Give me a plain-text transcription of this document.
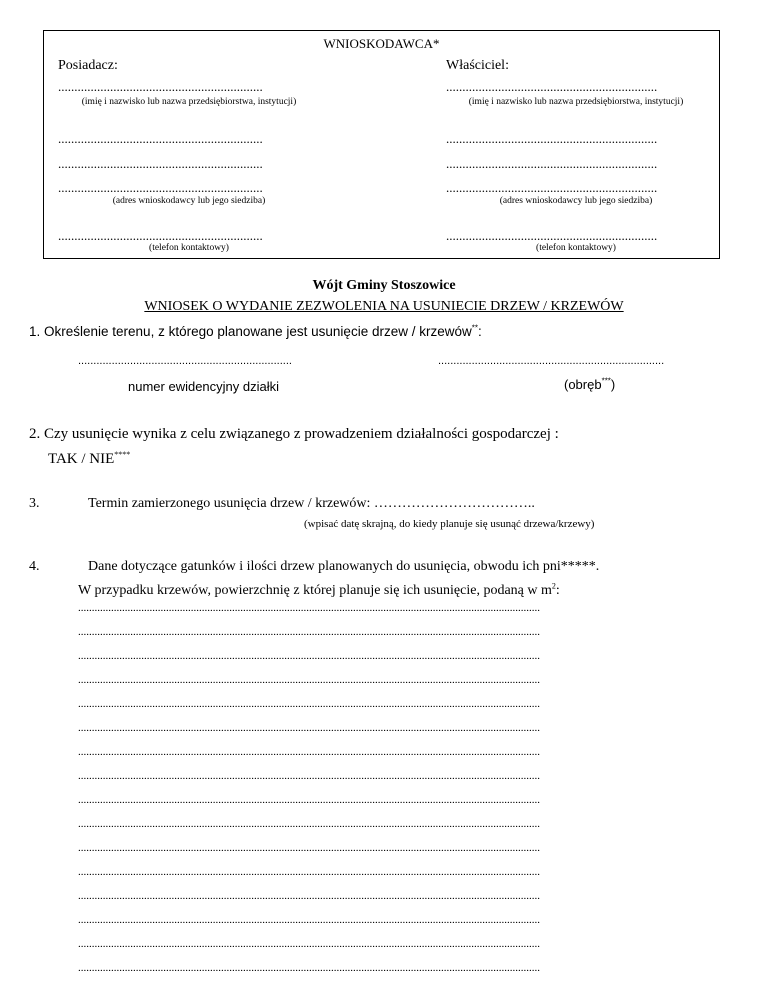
WNIOSKODAWCA*
Posiadacz:
...............................................................
(imię i nazwisko lub nazwa przedsiębiorstwa, instytucji)
...............................................................
...............................................................
...............................................................
(adres wnioskodawcy lub jego siedziba)
...............................................................
(telefon kontaktowy)
Właściciel:
.................................................................
(imię i nazwisko lub nazwa przedsiębiorstwa, instytucji)
.................................................................
.................................................................
.................................................................
(adres wnioskodawcy lub jego siedziba)
.................................................................
(telefon kontaktowy)
Wójt Gminy Stoszowice
WNIOSEK O WYDANIE ZEZWOLENIA NA USUNIECIE DRZEW / KRZEWÓW
1. Określenie terenu, z którego planowane jest usunięcie drzew / krzewów**:
......................................................................	..........................................................................
numer ewidencyjny działki	(obręb***)
2. Czy usunięcie wynika z celu związanego z prowadzeniem działalności gospodarczej :
TAK / NIE****
3.	Termin zamierzonego usunięcia drzew / krzewów: ……………………………..
(wpisać datę skrajną, do kiedy planuje się usunąć drzewa/krzewy)
4.	Dane dotyczące gatunków i ilości drzew planowanych do usunięcia, obwodu ich pni*****.
W przypadku krzewów, powierzchnię z której planuje się ich usunięcie, podaną w $m^2$:
........................................................................................................................................................................
........................................................................................................................................................................
........................................................................................................................................................................
........................................................................................................................................................................
........................................................................................................................................................................
........................................................................................................................................................................
........................................................................................................................................................................
........................................................................................................................................................................
........................................................................................................................................................................
........................................................................................................................................................................
........................................................................................................................................................................
........................................................................................................................................................................
........................................................................................................................................................................
........................................................................................................................................................................
........................................................................................................................................................................
........................................................................................................................................................................
